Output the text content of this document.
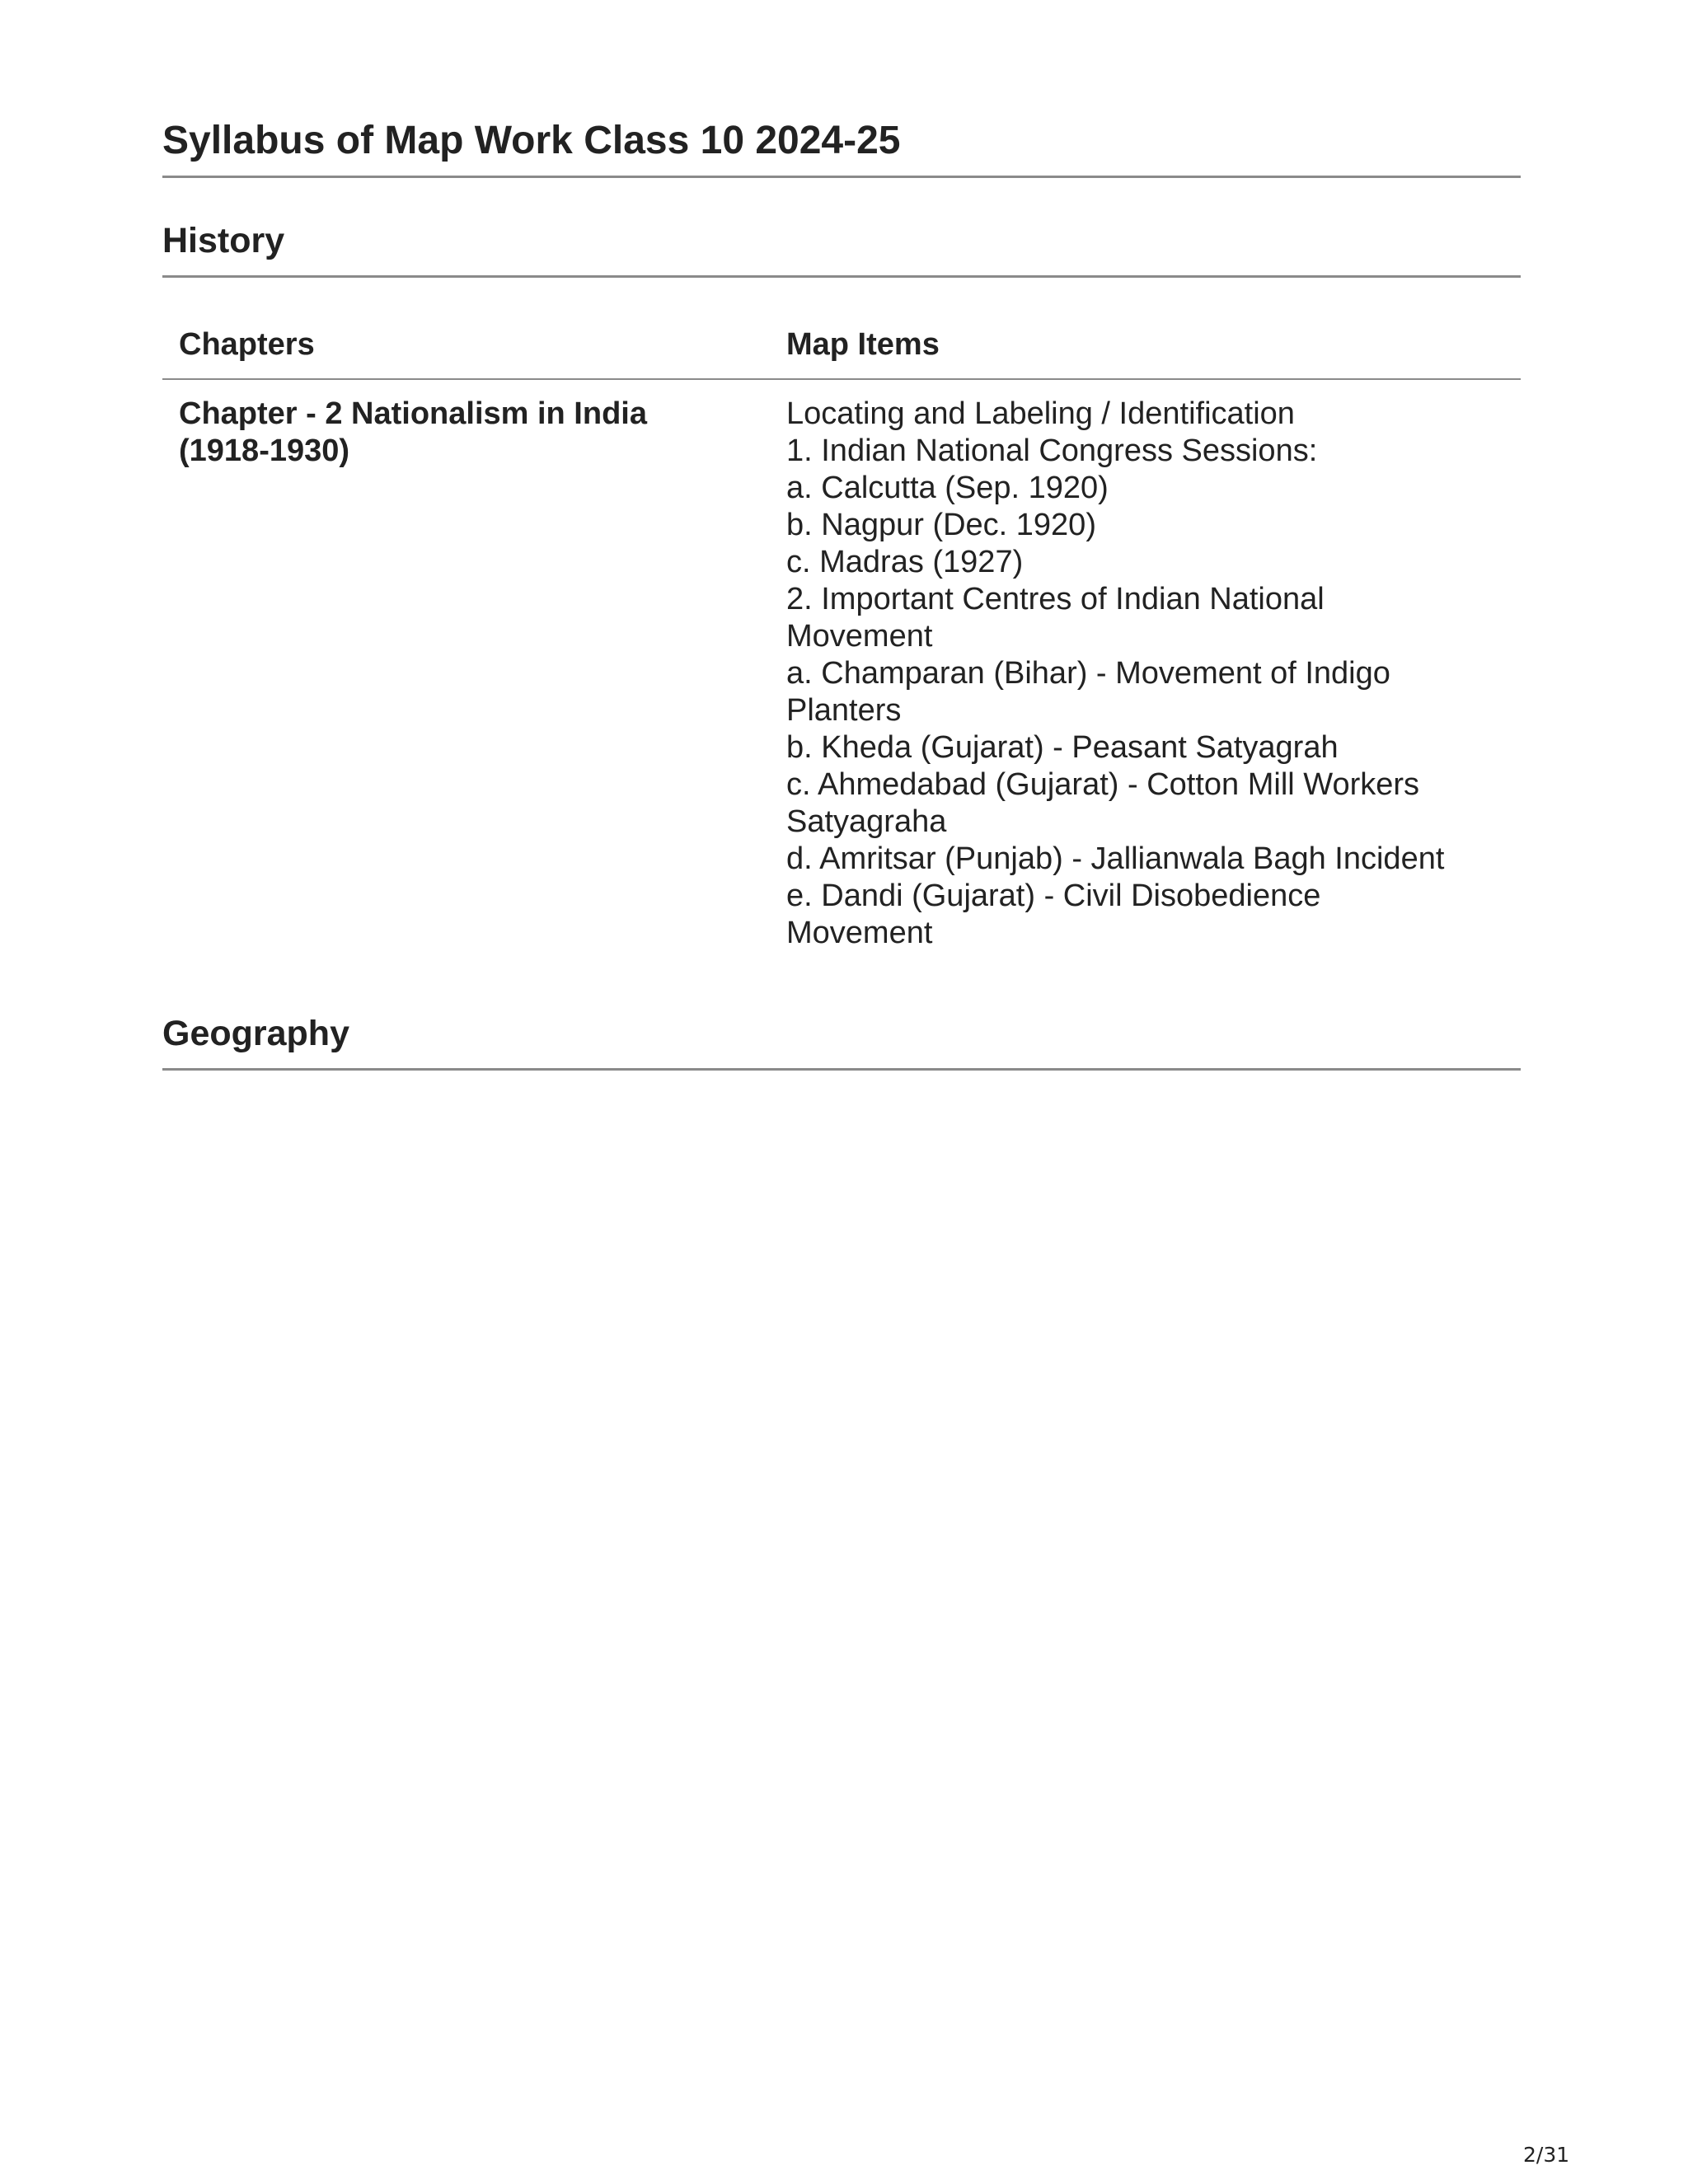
Syllabus of Map Work Class 10 2024-25
History
Chapters	Map Items
Chapter - 2 Nationalism in India
(1918-1930)
Locating and Labeling / Identification
1. Indian National Congress Sessions:
a. Calcutta (Sep. 1920)
b. Nagpur (Dec. 1920)
c. Madras (1927)
2. Important Centres of Indian National
Movement
a. Champaran (Bihar) - Movement of Indigo
Planters
b. Kheda (Gujarat) - Peasant Satyagrah
c. Ahmedabad (Gujarat) - Cotton Mill Workers
Satyagraha
d. Amritsar (Punjab) - Jallianwala Bagh Incident
e. Dandi (Gujarat) - Civil Disobedience
Movement
Geography
2/31
